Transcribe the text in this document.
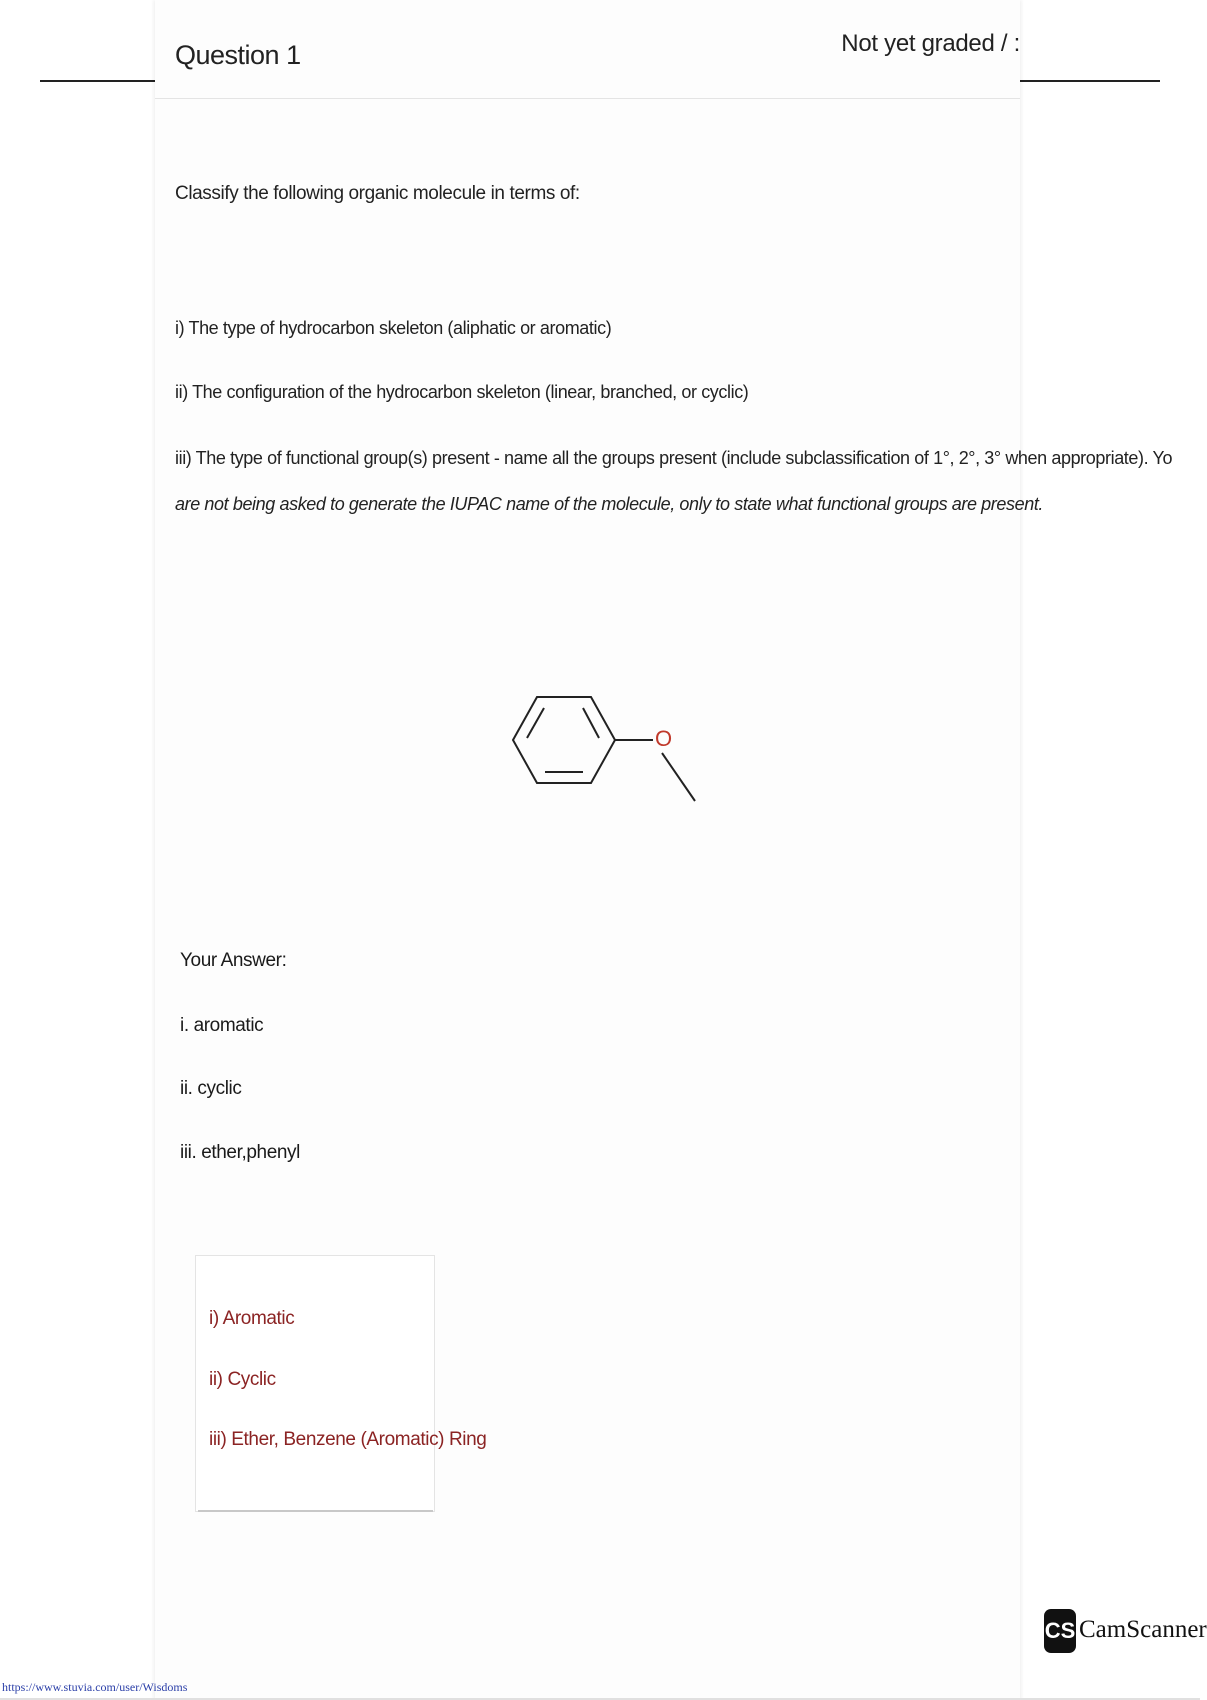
Question 1	Not yet graded / :
Classify the following organic molecule in terms of:
i) The type of hydrocarbon skeleton (aliphatic or aromatic)
ii) The configuration of the hydrocarbon skeleton (linear, branched, or cyclic)
iii) The type of functional group(s) present - name all the groups present (include subclassification of 1°, 2°, 3° when appropriate). Yo
are not being asked to generate the IUPAC name of the molecule, only to state what functional groups are present.
O
Your Answer:
i. aromatic
ii. cyclic
iii. ether,phenyl
i) Aromatic
ii) Cyclic
iii) Ether, Benzene (Aromatic) Ring
CS CamScanner
https://www.stuvia.com/user/Wisdoms
